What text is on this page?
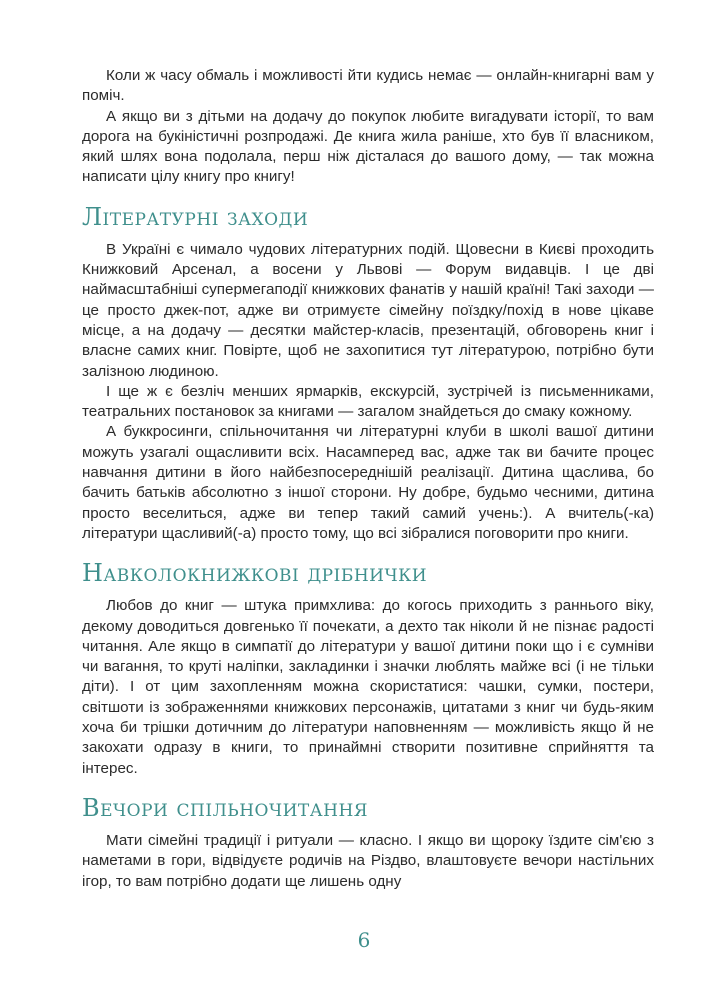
Коли ж часу обмаль і можливості йти кудись немає — онлайн-книгарні вам у поміч.

А якщо ви з дітьми на додачу до покупок любите вигадувати історії, то вам дорога на букіністичні розпродажі. Де книга жила раніше, хто був її власником, який шлях вона подолала, перш ніж дісталася до вашого дому, — так можна написати цілу книгу про книгу!

Літературні заходи

В Україні є чимало чудових літературних подій. Щовесни в Києві проходить Книжковий Арсенал, а восени у Львові — Форум видавців. І це дві наймасштабніші супермегаподії книжкових фанатів у нашій країні! Такі заходи — це просто джек-пот, адже ви отримуєте сімейну поїздку/похід в нове цікаве місце, а на додачу — десятки майстер-класів, презентацій, обговорень книг і власне самих книг. Повірте, щоб не захопитися тут літературою, потрібно бути залізною людиною.

І ще ж є безліч менших ярмарків, екскурсій, зустрічей із письменниками, театральних постановок за книгами — загалом знайдеться до смаку кожному.

А буккросинги, спільночитання чи літературні клуби в школі вашої дитини можуть узагалі ощасливити всіх. Насамперед вас, адже так ви бачите процес навчання дитини в його найбезпосереднішій реалізації. Дитина щаслива, бо бачить батьків абсолютно з іншої сторони. Ну добре, будьмо чесними, дитина просто веселиться, адже ви тепер такий самий учень:). А вчитель(-ка) літератури щасливий(-а) просто тому, що всі зібралися поговорити про книги.

Навколокнижкові дрібнички

Любов до книг — штука примхлива: до когось приходить з раннього віку, декому доводиться довгенько її почекати, а дехто так ніколи й не пізнає радості читання. Але якщо в симпатії до літератури у вашої дитини поки що і є сумніви чи вагання, то круті наліпки, закладинки і значки люблять майже всі (і не тільки діти). І от цим захопленням можна скористатися: чашки, сумки, постери, світшоти із зображеннями книжкових персонажів, цитатами з книг чи будь-яким хоча би трішки дотичним до літератури наповненням — можливість якщо й не закохати одразу в книги, то принаймні створити позитивне сприйняття та інтерес.

Вечори спільночитання

Мати сімейні традиції і ритуали — класно. І якщо ви щороку їздите сім'єю з наметами в гори, відвідуєте родичів на Різдво, влаштовуєте вечори настільних ігор, то вам потрібно додати ще лишень одну

6
